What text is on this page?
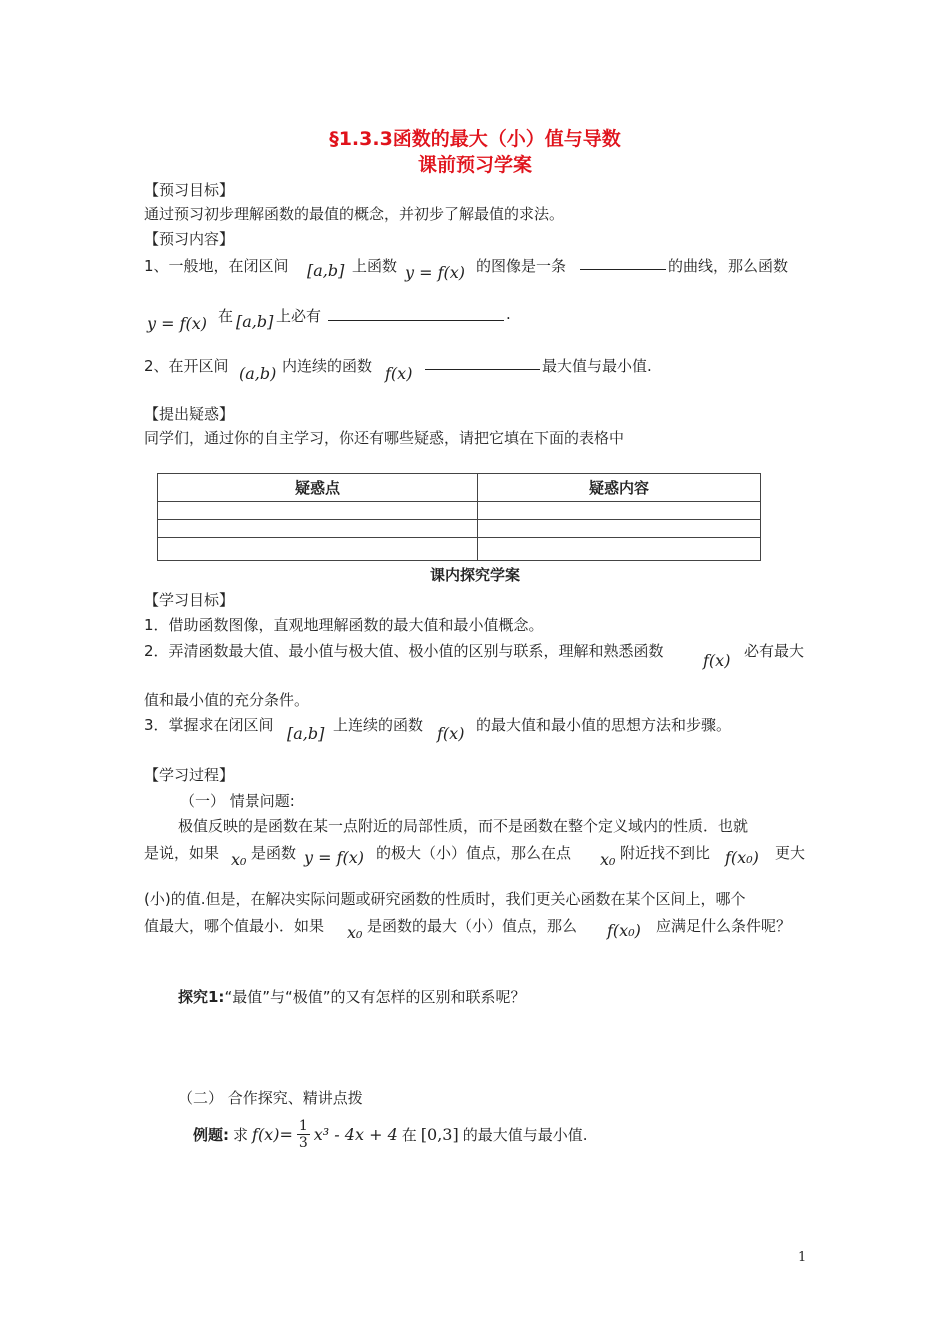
§1.3.3函数的最大（小）值与导数
课前预习学案
【预习目标】
通过预习初步理解函数的最值的概念，并初步了解最值的求法。
【预习内容】
1、一般地，在闭区间 [a,b] 上函数 y = f(x) 的图像是一条	的曲线，那么函数
y = f(x) 在 [a,b] 上必有	.
2、在开区间 (a,b) 内连续的函数 f(x)	最大值与最小值.
【提出疑惑】
同学们，通过你的自主学习，你还有哪些疑惑，请把它填在下面的表格中
疑惑点	疑惑内容

课内探究学案
【学习目标】
1．借助函数图像，直观地理解函数的最大值和最小值概念。
2．弄清函数最大值、最小值与极大值、极小值的区别与联系，理解和熟悉函数 f(x) 必有最大
值和最小值的充分条件。
3．掌握求在闭区间 [a,b] 上连续的函数 f(x) 的最大值和最小值的思想方法和步骤。
【学习过程】
（一） 情景问题:
极值反映的是函数在某一点附近的局部性质，而不是函数在整个定义域内的性质．也就
是说，如果 x₀ 是函数 y = f(x) 的极大（小）值点，那么在点 x₀ 附近找不到比 f(x₀) 更大
(小)的值.但是，在解决实际问题或研究函数的性质时，我们更关心函数在某个区间上，哪个
值最大，哪个值最小．如果 x₀ 是函数的最大（小）值点，那么 f(x₀) 应满足什么条件呢？
探究1:“最值”与“极值”的又有怎样的区别和联系呢？
（二） 合作探究、精讲点拨
例题: 求 $f(x)= \frac{1}{3} x^3 - 4x + 4$ 在 [0,3] 的最大值与最小值.
1
